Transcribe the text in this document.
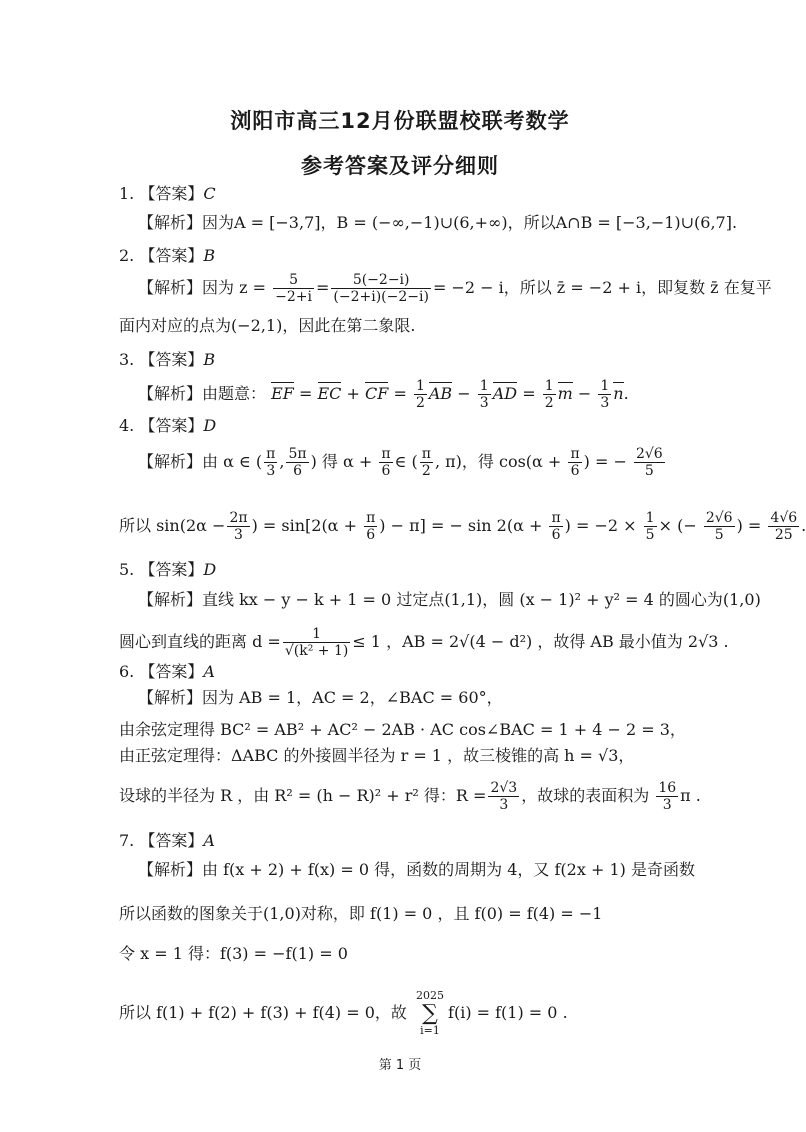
浏阳市高三12月份联盟校联考数学
参考答案及评分细则
1. 【答案】C
【解析】因为A = [−3,7]，B = (−∞,−1)∪(6,+∞)，所以A∩B = [−3,−1)∪(6,7].
2. 【答案】B
【解析】因为 $z = \frac{5}{-2+i} = \frac{5(-2-i)}{(-2+i)(-2-i)} = -2 - i$，所以 z̄ = −2 + i，即复数 z̄ 在复平
面内对应的点为(−2,1)，因此在第二象限.
3. 【答案】B
【解析】由题意： EF = EC + CF = $\frac{1}{2}$ AB − $\frac{1}{3}$ AD = $\frac{1}{2}$ $m - \frac{1}{3} n$.
4. 【答案】D
【解析】由 α ∈ ( $\frac{\pi}{3}$ , $\frac{5\pi}{6}$ ) 得 $\alpha + \frac{\pi}{6}$ ∈ ( $\frac{\pi}{2}$ , π)，得 $\cos(\alpha + \frac{\pi}{6}$ ) = − $\frac{2√6}{5}$
所以 $\sin(2\alpha - \frac{2\pi}{3}$ ) = $\sin[2(\alpha + \frac{\pi}{6}$ ) − π] = − $\sin 2(\alpha + \frac{\pi}{6}$ ) = $-2 \times \frac{1}{5}$ × (− $\frac{2√6}{5}$ ) = $\frac{4√6}{25}$ .
5. 【答案】D
【解析】直线 kx − y − k + 1 = 0 过定点(1,1)，圆 (x − 1)² + y² = 4 的圆心为(1,0)
圆心到直线的距离 $d = \frac{1}{\text{√(k² + 1)}} \le 1$ ，AB = 2√(4 − d²) ，故得 AB 最小值为 2√3 .
6. 【答案】A
【解析】因为 AB = 1，AC = 2，∠BAC = 60°，
由余弦定理得 BC² = AB² + AC² − 2AB · AC cos∠BAC = 1 + 4 − 2 = 3，
由正弦定理得：ΔABC 的外接圆半径为 r = 1 ，故三棱锥的高 h = √3，
设球的半径为 R ，由 R² = (h − R)² + r² 得：$R = \frac{2√3}{3}$ ，故球的表面积为 $\frac{16}{3}$ π .
7. 【答案】A
【解析】由 f(x + 2) + f(x) = 0 得，函数的周期为 4，又 f(2x + 1) 是奇函数
所以函数的图象关于(1,0)对称，即 f(1) = 0 ，且 f(0) = f(4) = −1
令 x = 1 得：f(3) = −f(1) = 0
所以 f(1) + f(2) + f(3) + f(4) = 0，故
2025
∑
i=1
f(i) = f(1) = 0 .
第 1 页
